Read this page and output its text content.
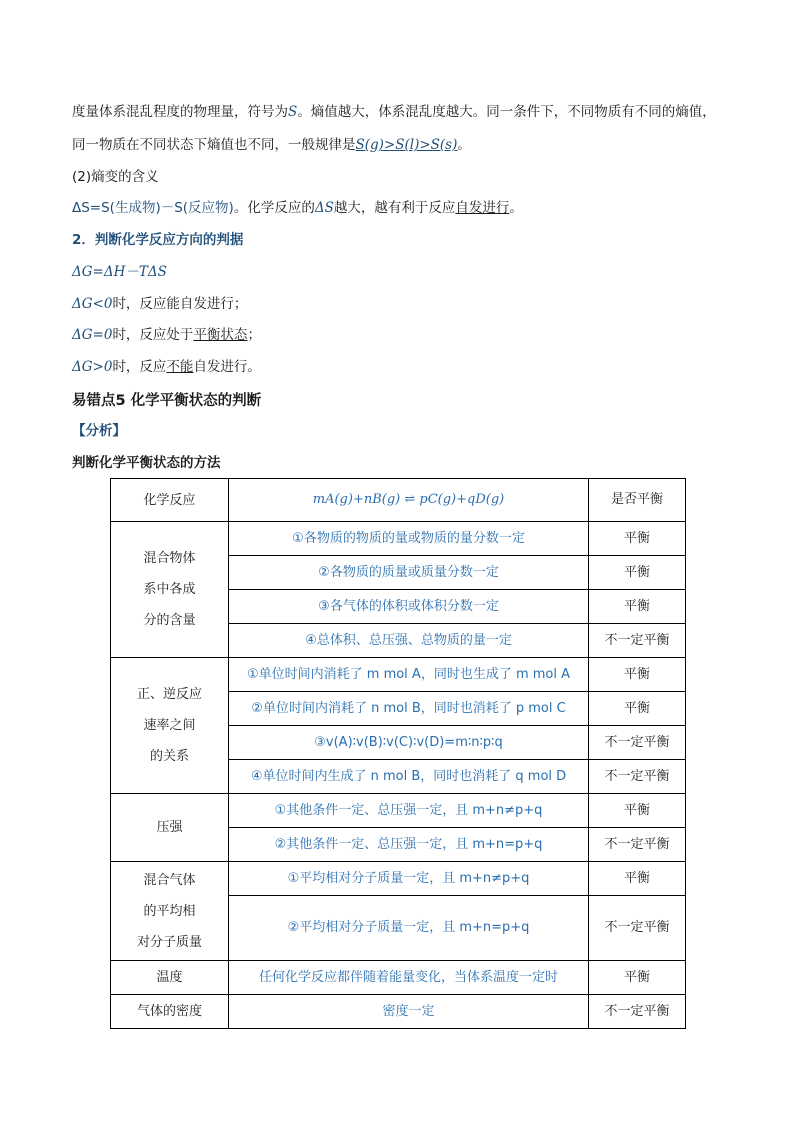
度量体系混乱程度的物理量，符号为S。熵值越大，体系混乱度越大。同一条件下，不同物质有不同的熵值，
同一物质在不同状态下熵值也不同，一般规律是S(g)>S(l)>S(s)。
(2)熵变的含义
ΔS=S(生成物)－S(反应物)。化学反应的ΔS越大，越有利于反应自发进行。
2．判断化学反应方向的判据
ΔG=ΔH－TΔS
ΔG<0时，反应能自发进行；
ΔG=0时，反应处于平衡状态；
ΔG>0时，反应不能自发进行。
易错点5 化学平衡状态的判断
【分析】
判断化学平衡状态的方法
化学反应	mA(g)+nB(g) ⇌ pC(g)+qD(g)	是否平衡

混合物体
系中各成
分的含量	①各物质的物质的量或物质的量分数一定	平衡
	②各物质的质量或质量分数一定	平衡
	③各气体的体积或体积分数一定	平衡
	④总体积、总压强、总物质的量一定	不一定平衡

正、逆反应
速率之间
的关系	①单位时间内消耗了 m mol A，同时也生成了 m mol A	平衡
	②单位时间内消耗了 n mol B，同时也消耗了 p mol C	平衡
	③v(A)∶v(B)∶v(C)∶v(D)=m∶n∶p∶q	不一定平衡
	④单位时间内生成了 n mol B，同时也消耗了 q mol D	不一定平衡

压强	①其他条件一定、总压强一定，且 m+n≠p+q	平衡
	②其他条件一定、总压强一定，且 m+n=p+q	不一定平衡

混合气体
的平均相
对分子质量	①平均相对分子质量一定，且 m+n≠p+q	平衡
	②平均相对分子质量一定，且 m+n=p+q	不一定平衡

温度	任何化学反应都伴随着能量变化，当体系温度一定时	平衡

气体的密度	密度一定	不一定平衡
